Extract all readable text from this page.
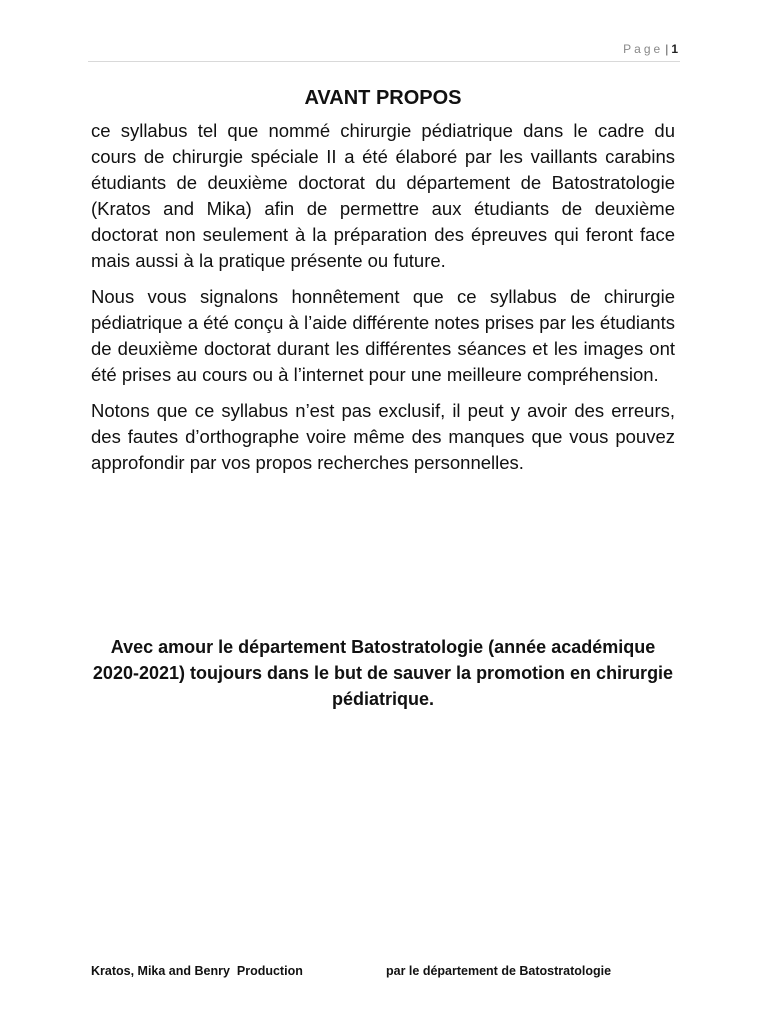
Page | 1
AVANT PROPOS

ce syllabus tel que nommé chirurgie pédiatrique dans le cadre du cours de chirurgie spéciale II a été élaboré par les vaillants carabins étudiants de deuxième doctorat du département de Batostratologie (Kratos and Mika) afin de permettre aux étudiants de deuxième doctorat non seulement à la préparation des épreuves qui feront face mais aussi à la pratique présente ou future.

Nous vous signalons honnêtement que ce syllabus de chirurgie pédiatrique a été conçu à l’aide différente notes prises par les étudiants de deuxième doctorat durant les différentes séances et les images ont été prises au cours ou à l’internet pour une meilleure compréhension.

Notons que ce syllabus n’est pas exclusif, il peut y avoir des erreurs, des fautes d’orthographe voire même des manques que vous pouvez approfondir par vos propos recherches personnelles.

Avec amour le département Batostratologie (année académique 2020-2021) toujours dans le but de sauver la promotion en chirurgie pédiatrique.
Kratos, Mika and Benry  Production	par le département de Batostratologie
